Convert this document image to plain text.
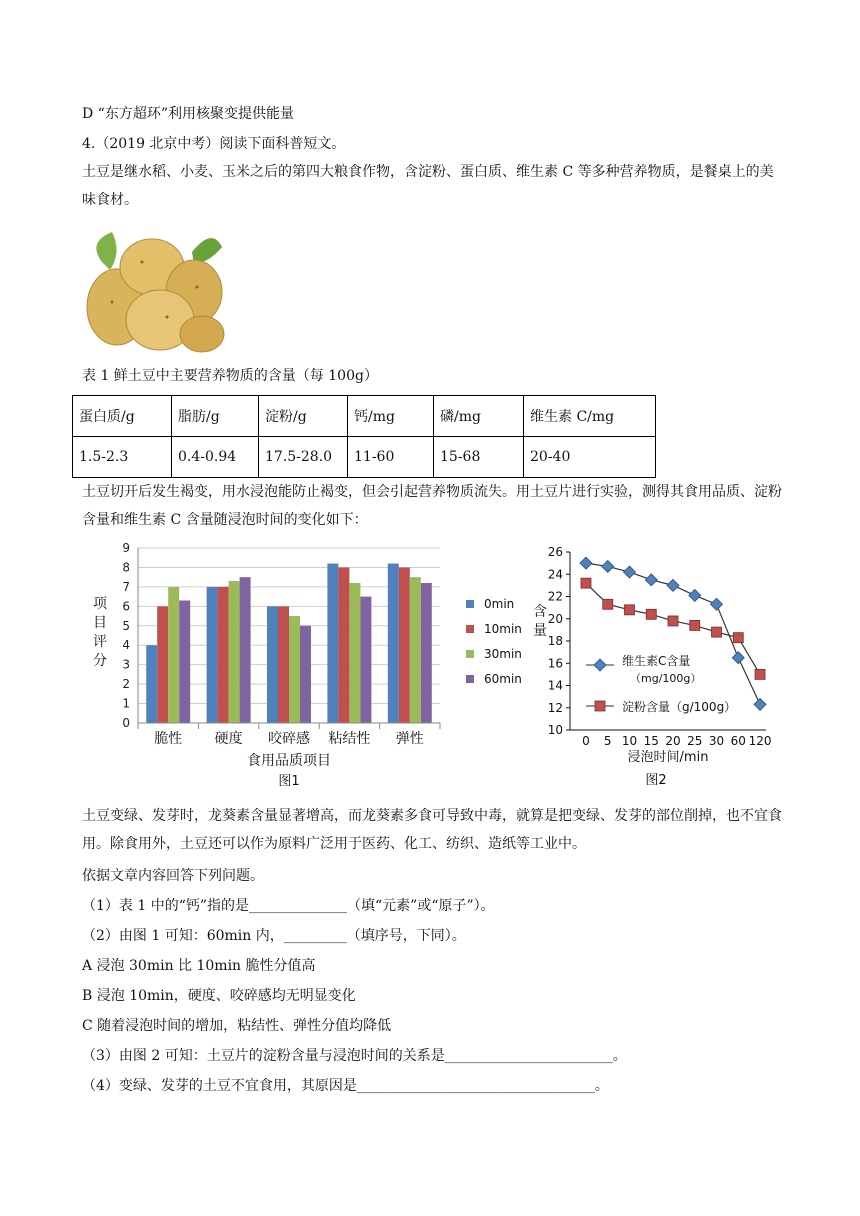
D “东方超环”利用核聚变提供能量
4.（2019 北京中考）阅读下面科普短文。
土豆是继水稻、小麦、玉米之后的第四大粮食作物，含淀粉、蛋白质、维生素 C 等多种营养物质，是餐桌上的美味食材。
表 1 鲜土豆中主要营养物质的含量（每 100g）
蛋白质/g	脂肪/g	淀粉/g	钙/mg	磷/mg	维生素 C/mg
1.5-2.3	0.4-0.94	17.5-28.0	11-60	15-68	20-40
土豆切开后发生褐变，用水浸泡能防止褐变，但会引起营养物质流失。用土豆片进行实验，测得其食用品质、淀粉含量和维生素 C 含量随浸泡时间的变化如下：
0
1
2
3
4
5
6
7
8
9
脆性 硬度 咬碎感 粘结性 弹性
项目评分
食用品质项目
图1
0min
10min
30min
60min
10
12
14
16
18
20
22
24
26
0 5 10 15 20 25 30 60 120
含量
浸泡时间/min
图2
维生素C含量
（mg/100g）
淀粉含量（g/100g）
土豆变绿、发芽时，龙葵素含量显著增高，而龙葵素多食可导致中毒，就算是把变绿、发芽的部位削掉，也不宜食用。除食用外，土豆还可以作为原料广泛用于医药、化工、纺织、造纸等工业中。
依据文章内容回答下列问题。
（1）表 1 中的“钙”指的是______________（填“元素”或“原子”）。
（2）由图 1 可知：60min 内，_________（填序号，下同）。
A 浸泡 30min 比 10min 脆性分值高
B 浸泡 10min，硬度、咬碎感均无明显变化
C 随着浸泡时间的增加，粘结性、弹性分值均降低
（3）由图 2 可知：土豆片的淀粉含量与浸泡时间的关系是________________________。
（4）变绿、发芽的土豆不宜食用，其原因是__________________________________。
